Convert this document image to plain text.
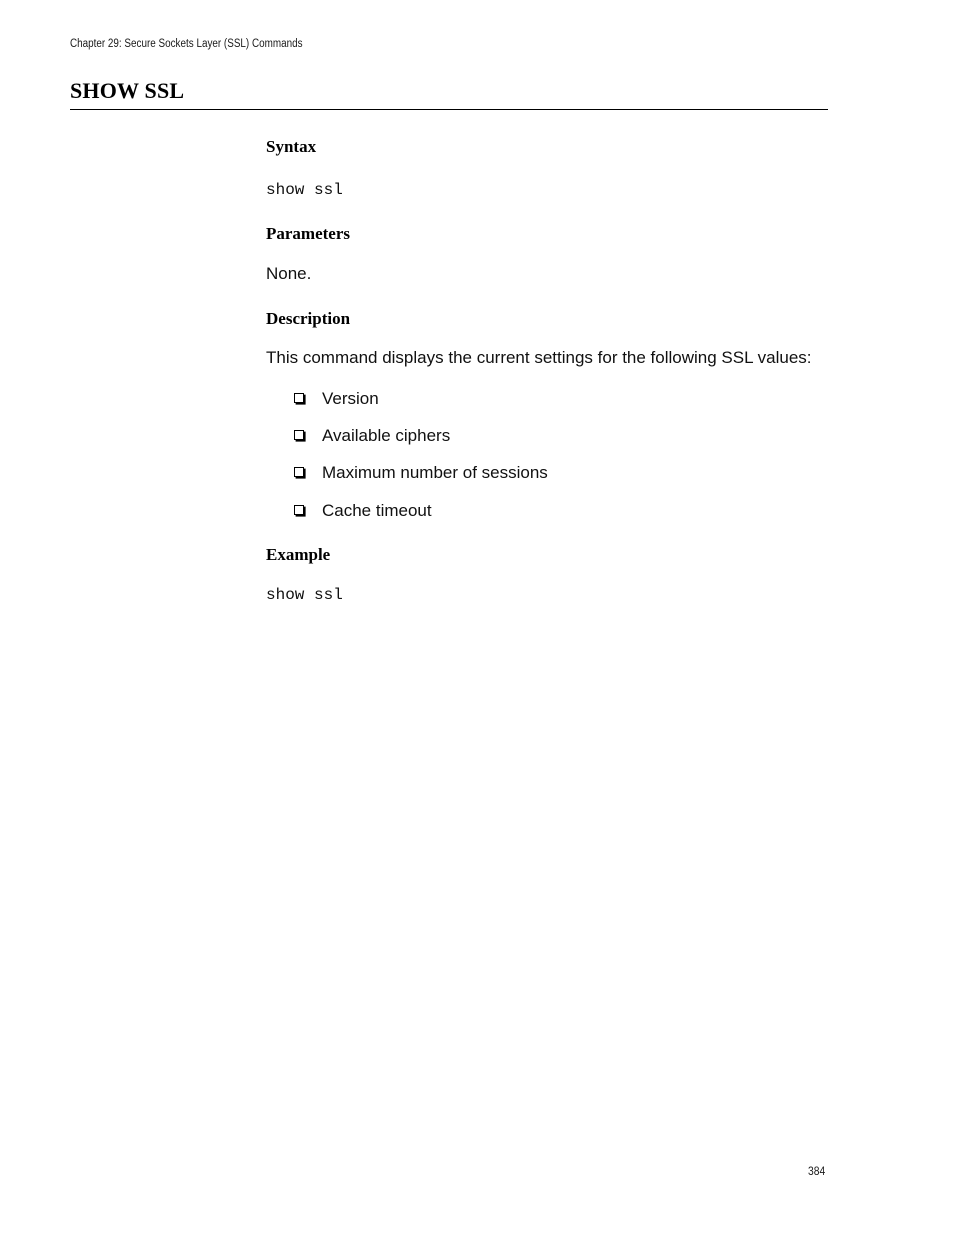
Chapter 29: Secure Sockets Layer (SSL) Commands
SHOW SSL
Syntax
show ssl
Parameters

None.

Description

This command displays the current settings for the following SSL values:

Version
Available ciphers
Maximum number of sessions
Cache timeout
Example
show ssl
384
